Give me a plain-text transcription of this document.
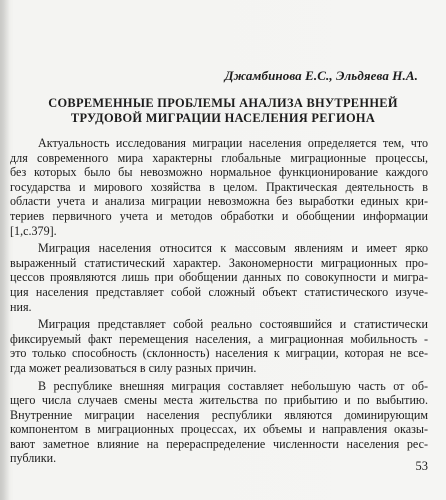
Джамбинова Е.С., Эльдяева Н.А.
СОВРЕМЕННЫЕ ПРОБЛЕМЫ АНАЛИЗА ВНУТРЕННЕЙ
ТРУДОВОЙ МИГРАЦИИ НАСЕЛЕНИЯ РЕГИОНА
Актуальность исследования миграции населения определяется тем, что
для современного мира характерны глобальные миграционные процессы,
без которых было бы невозможно нормальное функционирование каждого
государства и мирового хозяйства в целом. Практическая деятельность в
области учета и анализа миграции невозможна без выработки единых кри-
териев первичного учета и методов обработки и обобщении информации
[1,с.379].
Миграция населения относится к массовым явлениям и имеет ярко
выраженный статистический характер. Закономерности миграционных про-
цессов проявляются лишь при обобщении данных по совокупности и мигра-
ция населения представляет собой сложный объект статистического изуче-
ния.
Миграция представляет собой реально состоявшийся и статистически
фиксируемый факт перемещения населения, а миграционная мобильность -
это только способность (склонность) населения к миграции, которая не все-
гда может реализоваться в силу разных причин.
В республике внешняя миграция составляет небольшую часть от об-
щего числа случаев смены места жительства по прибытию и по выбытию.
Внутренние миграции населения республики являются доминирующим
компонентом в миграционных процессах, их объемы и направления оказы-
вают заметное влияние на перераспределение численности населения рес-
публики.
53
